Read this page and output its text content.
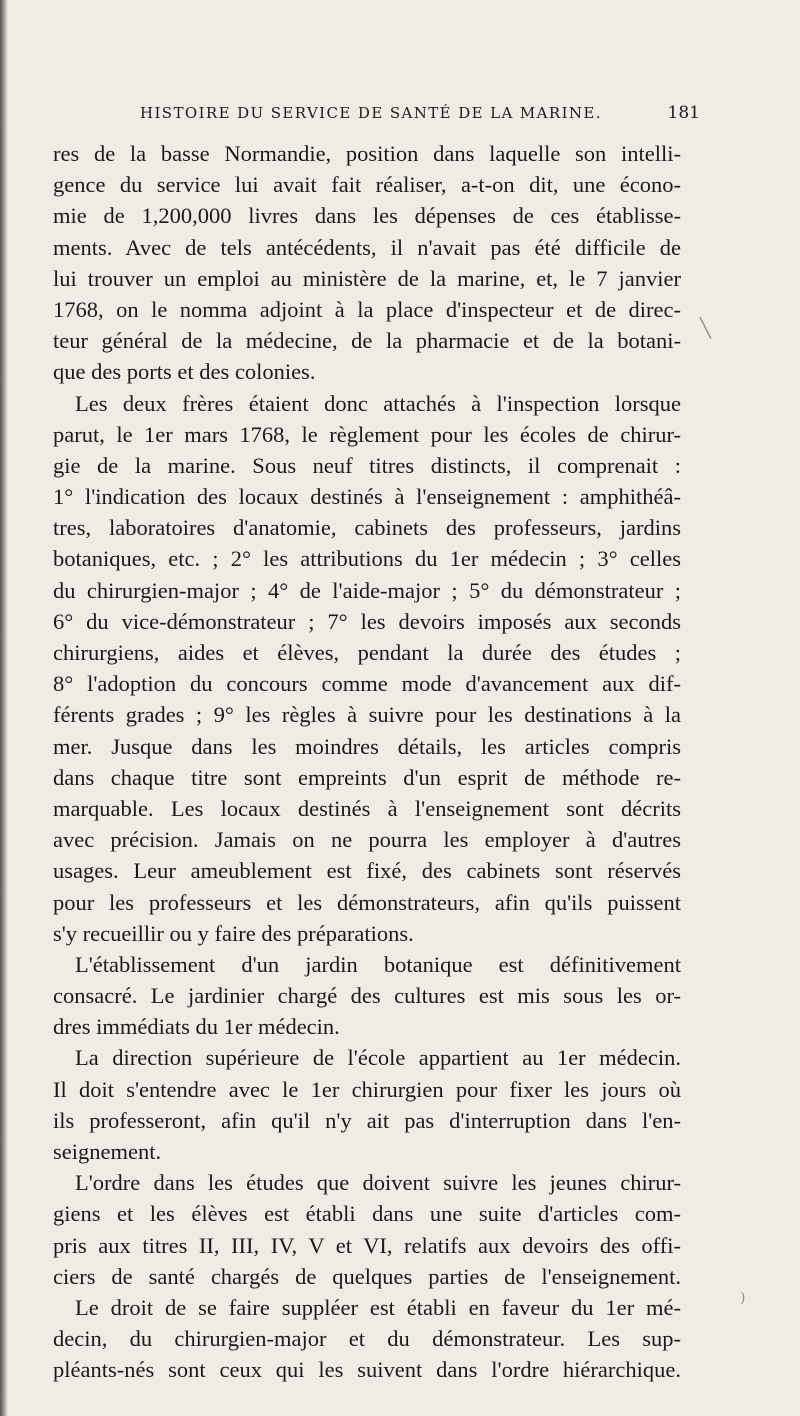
HISTOIRE DU SERVICE DE SANTÉ DE LA MARINE.	181
res de la basse Normandie, position dans laquelle son intelli-
gence du service lui avait fait réaliser, a-t-on dit, une écono-
mie de 1,200,000 livres dans les dépenses de ces établisse-
ments. Avec de tels antécédents, il n'avait pas été difficile de
lui trouver un emploi au ministère de la marine, et, le 7 janvier
1768, on le nomma adjoint à la place d'inspecteur et de direc-
teur général de la médecine, de la pharmacie et de la botani-
que des ports et des colonies.
Les deux frères étaient donc attachés à l'inspection lorsque
parut, le 1er mars 1768, le règlement pour les écoles de chirur-
gie de la marine. Sous neuf titres distincts, il comprenait :
1° l'indication des locaux destinés à l'enseignement : amphithéâ-
tres, laboratoires d'anatomie, cabinets des professeurs, jardins
botaniques, etc. ; 2° les attributions du 1er médecin ; 3° celles
du chirurgien-major ; 4° de l'aide-major ; 5° du démonstrateur ;
6° du vice-démonstrateur ; 7° les devoirs imposés aux seconds
chirurgiens, aides et élèves, pendant la durée des études ;
8° l'adoption du concours comme mode d'avancement aux dif-
férents grades ; 9° les règles à suivre pour les destinations à la
mer. Jusque dans les moindres détails, les articles compris
dans chaque titre sont empreints d'un esprit de méthode re-
marquable. Les locaux destinés à l'enseignement sont décrits
avec précision. Jamais on ne pourra les employer à d'autres
usages. Leur ameublement est fixé, des cabinets sont réservés
pour les professeurs et les démonstrateurs, afin qu'ils puissent
s'y recueillir ou y faire des préparations.
L'établissement d'un jardin botanique est définitivement
consacré. Le jardinier chargé des cultures est mis sous les or-
dres immédiats du 1er médecin.
La direction supérieure de l'école appartient au 1er médecin.
Il doit s'entendre avec le 1er chirurgien pour fixer les jours où
ils professeront, afin qu'il n'y ait pas d'interruption dans l'en-
seignement.
L'ordre dans les études que doivent suivre les jeunes chirur-
giens et les élèves est établi dans une suite d'articles com-
pris aux titres II, III, IV, V et VI, relatifs aux devoirs des offi-
ciers de santé chargés de quelques parties de l'enseignement.
Le droit de se faire suppléer est établi en faveur du 1er mé-
decin, du chirurgien-major et du démonstrateur. Les sup-
pléants-nés sont ceux qui les suivent dans l'ordre hiérarchique.
╲
)
